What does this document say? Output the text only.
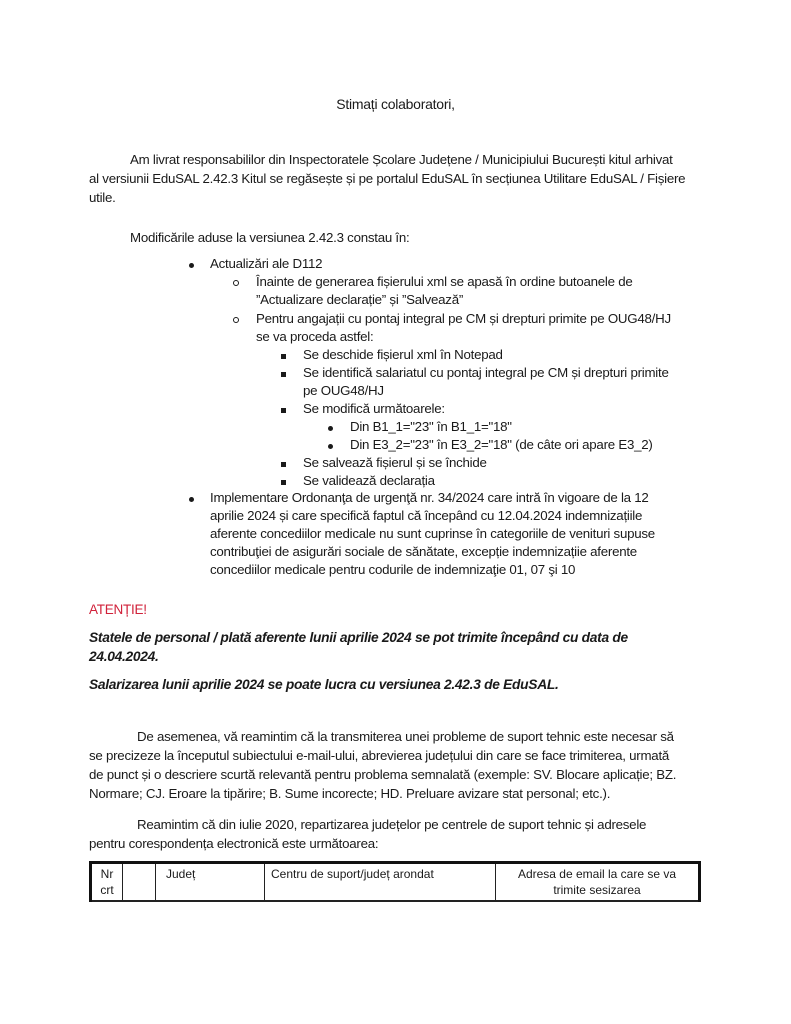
Stimați colaboratori,
Am livrat responsabililor din Inspectoratele Școlare Județene / Municipiului București kitul arhivat
al versiunii EduSAL 2.42.3 Kitul se regăsește și pe portalul EduSAL în secțiunea Utilitare EduSAL / Fișiere
utile.
Modificările aduse la versiunea 2.42.3 constau în:
Actualizări ale D112
Înainte de generarea fișierului xml se apasă în ordine butoanele de
”Actualizare declarație” și ”Salvează”
Pentru angajații cu pontaj integral pe CM și drepturi primite pe OUG48/HJ
se va proceda astfel:
Se deschide fișierul xml în Notepad
Se identifică salariatul cu pontaj integral pe CM și drepturi primite
pe OUG48/HJ
Se modifică următoarele:
Din B1_1="23" în B1_1="18"
Din E3_2="23" în E3_2="18" (de câte ori apare E3_2)
Se salvează fișierul și se închide
Se validează declarația
Implementare Ordonanţa de urgenţă nr. 34/2024 care intră în vigoare de la 12
aprilie 2024 și care specifică faptul că începând cu 12.04.2024 indemnizațiile
aferente concediilor medicale nu sunt cuprinse în categoriile de venituri supuse
contribuţiei de asigurări sociale de sănătate, excepție indemnizațiie aferente
concediilor medicale pentru codurile de indemnizaţie 01, 07 şi 10
ATENȚIE!
Statele de personal / plată aferente lunii aprilie 2024 se pot trimite începând cu data de
24.04.2024.
Salarizarea lunii aprilie 2024 se poate lucra cu versiunea 2.42.3 de EduSAL.
De asemenea, vă reamintim că la transmiterea unei probleme de suport tehnic este necesar să
se precizeze la începutul subiectului e-mail-ului, abrevierea județului din care se face trimiterea, urmată
de punct și o descriere scurtă relevantă pentru problema semnalată (exemple: SV. Blocare aplicație; BZ.
Normare; CJ. Eroare la tipărire; B. Sume incorecte; HD. Preluare avizare stat personal; etc.).
Reamintim că din iulie 2020, repartizarea județelor pe centrele de suport tehnic și adresele
pentru corespondența electronică este următoarea:
Nr crt		Județ	Centru de suport/județ arondat	Adresa de email la care se va trimite sesizarea
